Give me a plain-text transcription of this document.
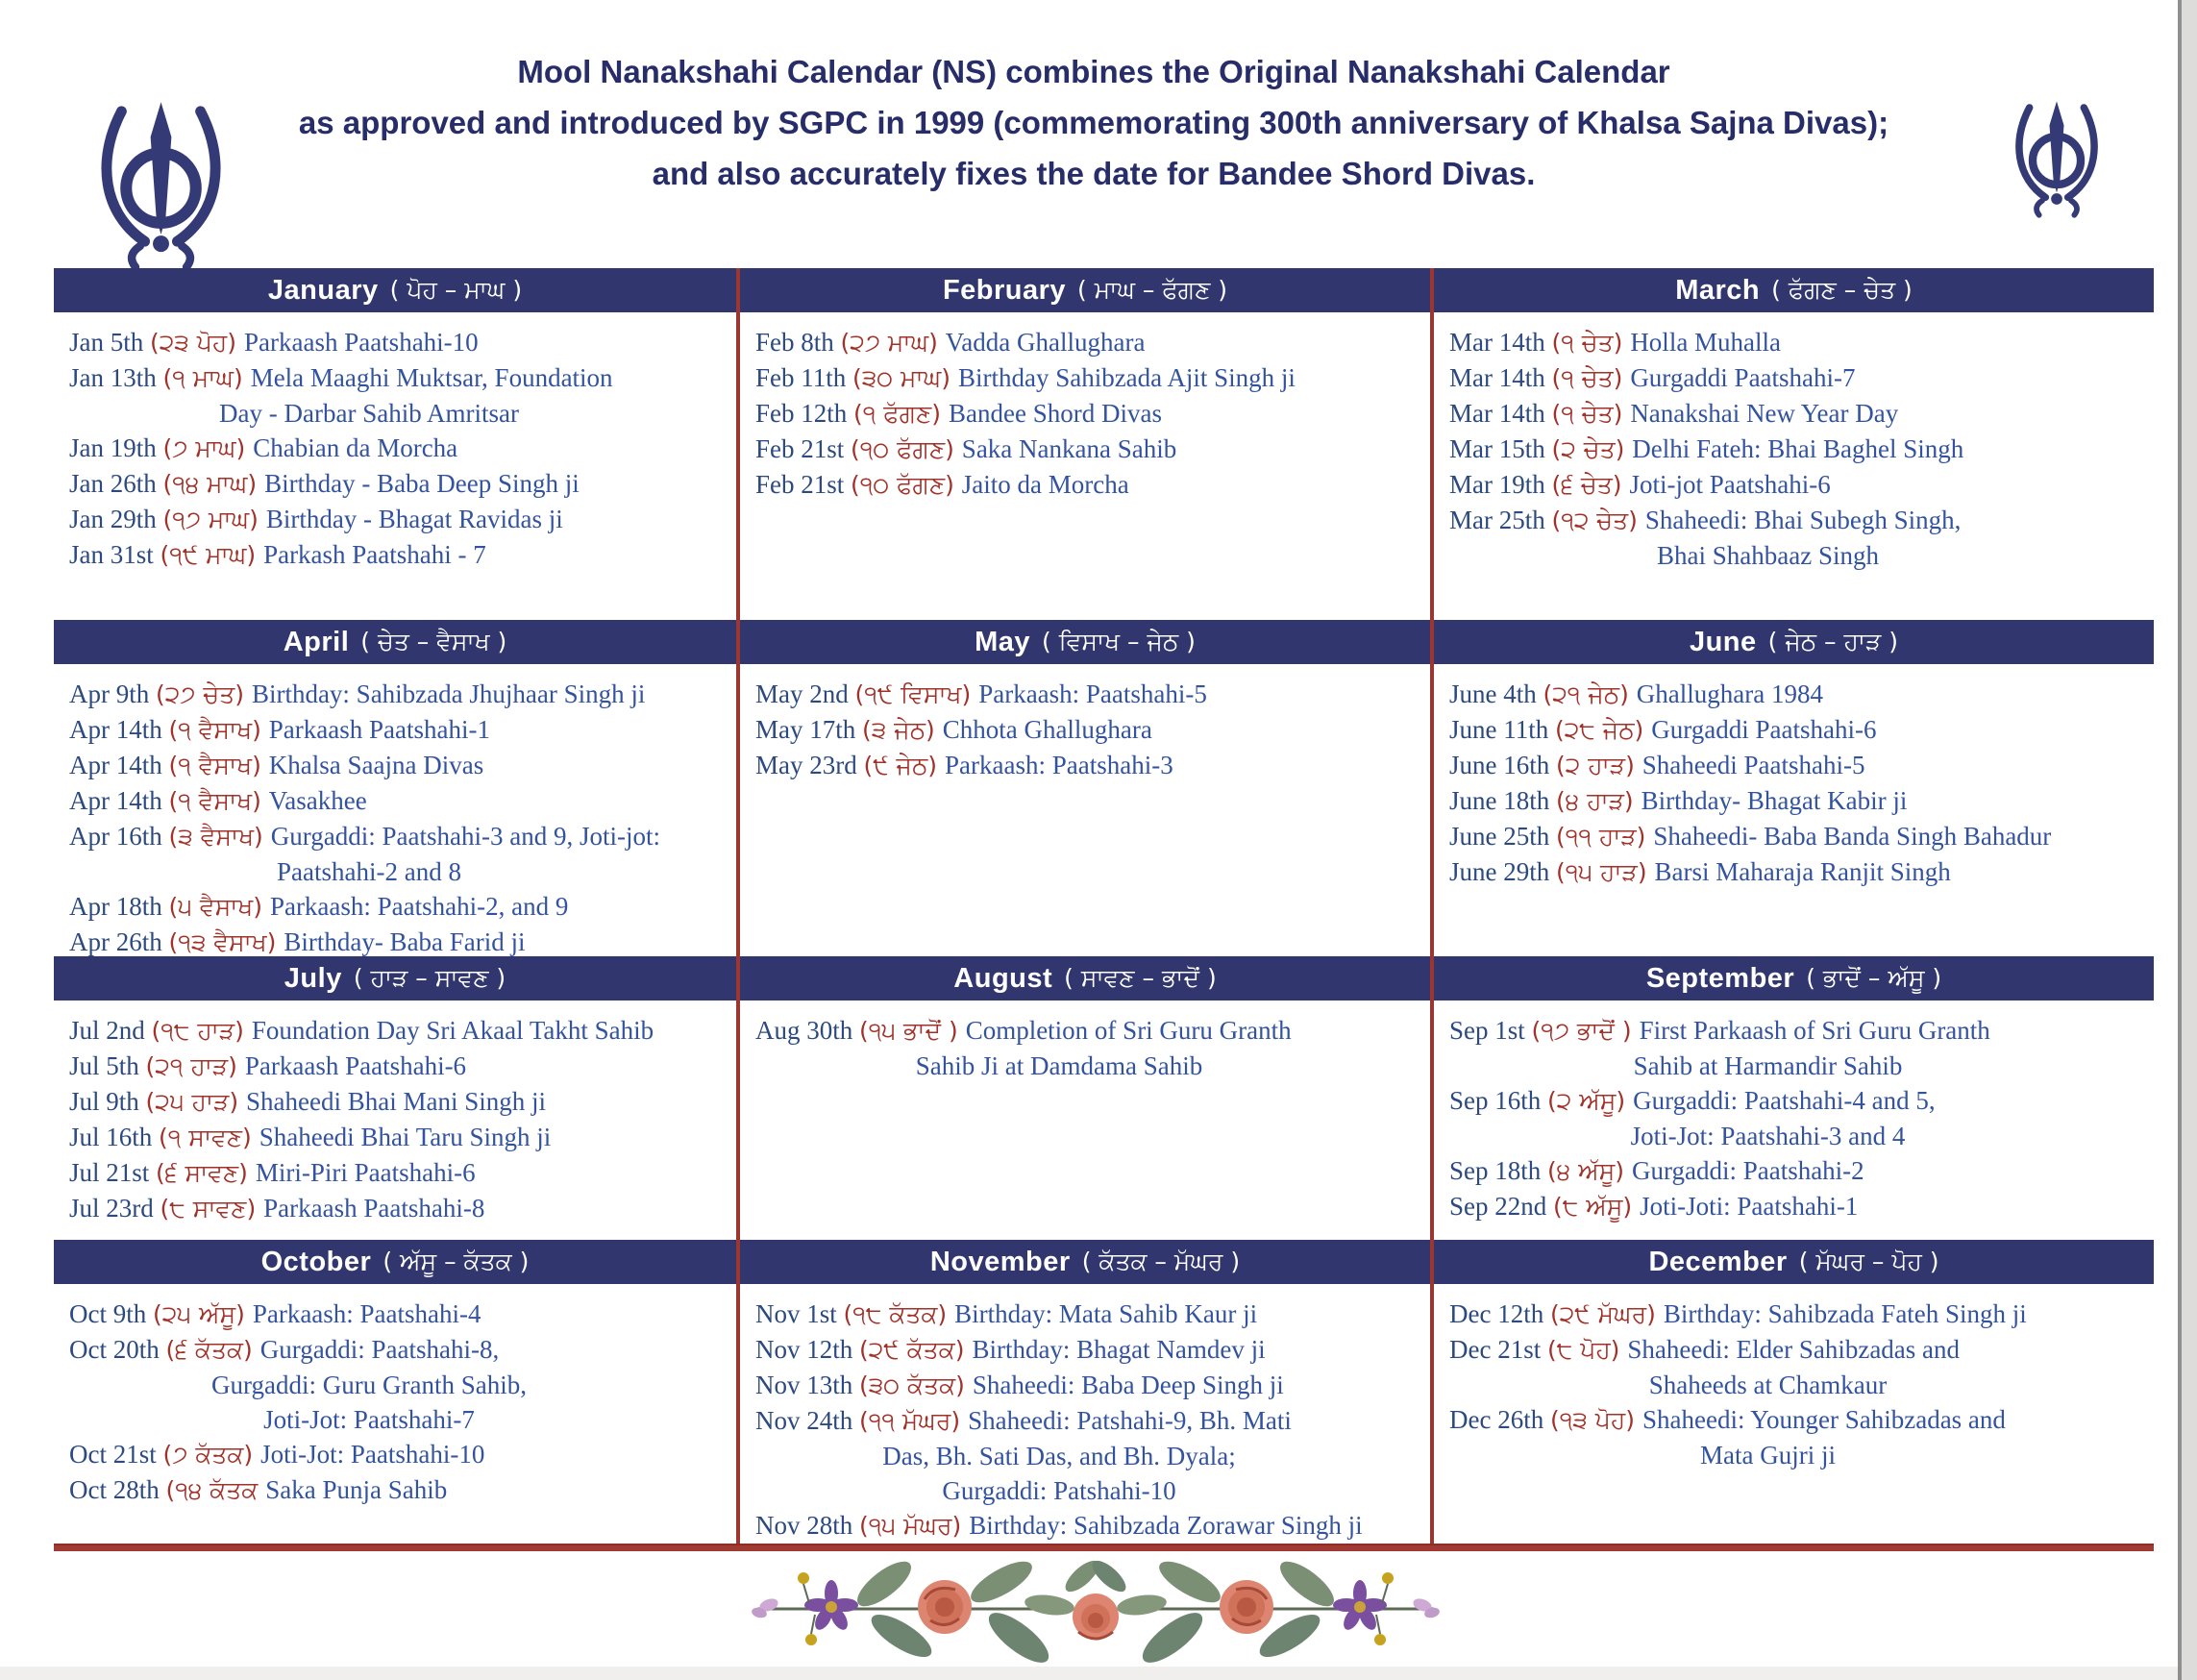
Mool Nanakshahi Calendar (NS) combines the Original Nanakshahi Calendar
as approved and introduced by SGPC in 1999 (commemorating 300th anniversary of Khalsa Sajna Divas);
and also accurately fixes the date for Bandee Shord Divas.
January ( ਪੋਹ – ਮਾਘ )
Jan 5th (੨੩ ਪੋਹ) Parkaash Paatshahi-10
Jan 13th (੧ ਮਾਘ) Mela Maaghi Muktsar, Foundation
Day - Darbar Sahib Amritsar
Jan 19th (੭ ਮਾਘ) Chabian da Morcha
Jan 26th (੧੪ ਮਾਘ) Birthday - Baba Deep Singh ji
Jan 29th (੧੭ ਮਾਘ) Birthday - Bhagat Ravidas ji
Jan 31st (੧੯ ਮਾਘ) Parkash Paatshahi - 7
February ( ਮਾਘ – ਫੱਗਣ )
Feb 8th (੨੭ ਮਾਘ) Vadda Ghallughara
Feb 11th (੩੦ ਮਾਘ) Birthday Sahibzada Ajit Singh ji
Feb 12th (੧ ਫੱਗਣ) Bandee Shord Divas
Feb 21st (੧੦ ਫੱਗਣ) Saka Nankana Sahib
Feb 21st (੧੦ ਫੱਗਣ) Jaito da Morcha
March ( ਫੱਗਣ – ਚੇਤ )
Mar 14th (੧ ਚੇਤ) Holla Muhalla
Mar 14th (੧ ਚੇਤ) Gurgaddi Paatshahi-7
Mar 14th (੧ ਚੇਤ) Nanakshai New Year Day
Mar 15th (੨ ਚੇਤ) Delhi Fateh: Bhai Baghel Singh
Mar 19th (੬ ਚੇਤ) Joti-jot Paatshahi-6
Mar 25th (੧੨ ਚੇਤ) Shaheedi: Bhai Subegh Singh,
Bhai Shahbaaz Singh
April ( ਚੇਤ – ਵੈਸਾਖ )
Apr 9th (੨੭ ਚੇਤ) Birthday: Sahibzada Jhujhaar Singh ji
Apr 14th (੧ ਵੈਸਾਖ) Parkaash Paatshahi-1
Apr 14th (੧ ਵੈਸਾਖ) Khalsa Saajna Divas
Apr 14th (੧ ਵੈਸਾਖ) Vasakhee
Apr 16th (੩ ਵੈਸਾਖ) Gurgaddi: Paatshahi-3 and 9, Joti-jot:
Paatshahi-2 and 8
Apr 18th (੫ ਵੈਸਾਖ) Parkaash: Paatshahi-2, and 9
Apr 26th (੧੩ ਵੈਸਾਖ) Birthday- Baba Farid ji
May ( ਵਿਸਾਖ – ਜੇਠ )
May 2nd (੧੯ ਵਿਸਾਖ) Parkaash: Paatshahi-5
May 17th (੩ ਜੇਠ) Chhota Ghallughara
May 23rd (੯ ਜੇਠ) Parkaash: Paatshahi-3
June ( ਜੇਠ – ਹਾੜ )
June 4th (੨੧ ਜੇਠ) Ghallughara 1984
June 11th (੨੮ ਜੇਠ) Gurgaddi Paatshahi-6
June 16th (੨ ਹਾੜ) Shaheedi Paatshahi-5
June 18th (੪ ਹਾੜ) Birthday- Bhagat Kabir ji
June 25th (੧੧ ਹਾੜ) Shaheedi- Baba Banda Singh Bahadur
June 29th (੧੫ ਹਾੜ) Barsi Maharaja Ranjit Singh
July ( ਹਾੜ – ਸਾਵਣ )
Jul 2nd (੧੮ ਹਾੜ) Foundation Day Sri Akaal Takht Sahib
Jul 5th (੨੧ ਹਾੜ) Parkaash Paatshahi-6
Jul 9th (੨੫ ਹਾੜ) Shaheedi Bhai Mani Singh ji
Jul 16th (੧ ਸਾਵਣ) Shaheedi Bhai Taru Singh ji
Jul 21st (੬ ਸਾਵਣ) Miri-Piri Paatshahi-6
Jul 23rd (੮ ਸਾਵਣ) Parkaash Paatshahi-8
August ( ਸਾਵਣ – ਭਾਦੋਂ )
Aug 30th (੧੫ ਭਾਦੋਂ ) Completion of Sri Guru Granth
Sahib Ji at Damdama Sahib
September ( ਭਾਦੋਂ – ਅੱਸੂ )
Sep 1st (੧੭ ਭਾਦੋਂ ) First Parkaash of Sri Guru Granth
Sahib at Harmandir Sahib
Sep 16th (੨ ਅੱਸੂ) Gurgaddi: Paatshahi-4 and 5,
Joti-Jot: Paatshahi-3 and 4
Sep 18th (੪ ਅੱਸੂ) Gurgaddi: Paatshahi-2
Sep 22nd (੮ ਅੱਸੂ) Joti-Joti: Paatshahi-1
October ( ਅੱਸੂ – ਕੱਤਕ )
Oct 9th (੨੫ ਅੱਸੂ) Parkaash: Paatshahi-4
Oct 20th (੬ ਕੱਤਕ) Gurgaddi: Paatshahi-8,
Gurgaddi: Guru Granth Sahib,
Joti-Jot: Paatshahi-7
Oct 21st (੭ ਕੱਤਕ) Joti-Jot: Paatshahi-10
Oct 28th (੧੪ ਕੱਤਕ Saka Punja Sahib
November ( ਕੱਤਕ – ਮੱਘਰ )
Nov 1st (੧੮ ਕੱਤਕ) Birthday: Mata Sahib Kaur ji
Nov 12th (੨੯ ਕੱਤਕ) Birthday: Bhagat Namdev ji
Nov 13th (੩੦ ਕੱਤਕ) Shaheedi: Baba Deep Singh ji
Nov 24th (੧੧ ਮੱਘਰ) Shaheedi: Patshahi-9, Bh. Mati
Das, Bh. Sati Das, and Bh. Dyala;
Gurgaddi: Patshahi-10
Nov 28th (੧੫ ਮੱਘਰ) Birthday: Sahibzada Zorawar Singh ji
December ( ਮੱਘਰ – ਪੋਹ )
Dec 12th (੨੯ ਮੱਘਰ) Birthday: Sahibzada Fateh Singh ji
Dec 21st (੮ ਪੋਹ) Shaheedi: Elder Sahibzadas and
Shaheeds at Chamkaur
Dec 26th (੧੩ ਪੋਹ) Shaheedi: Younger Sahibzadas and
Mata Gujri ji
